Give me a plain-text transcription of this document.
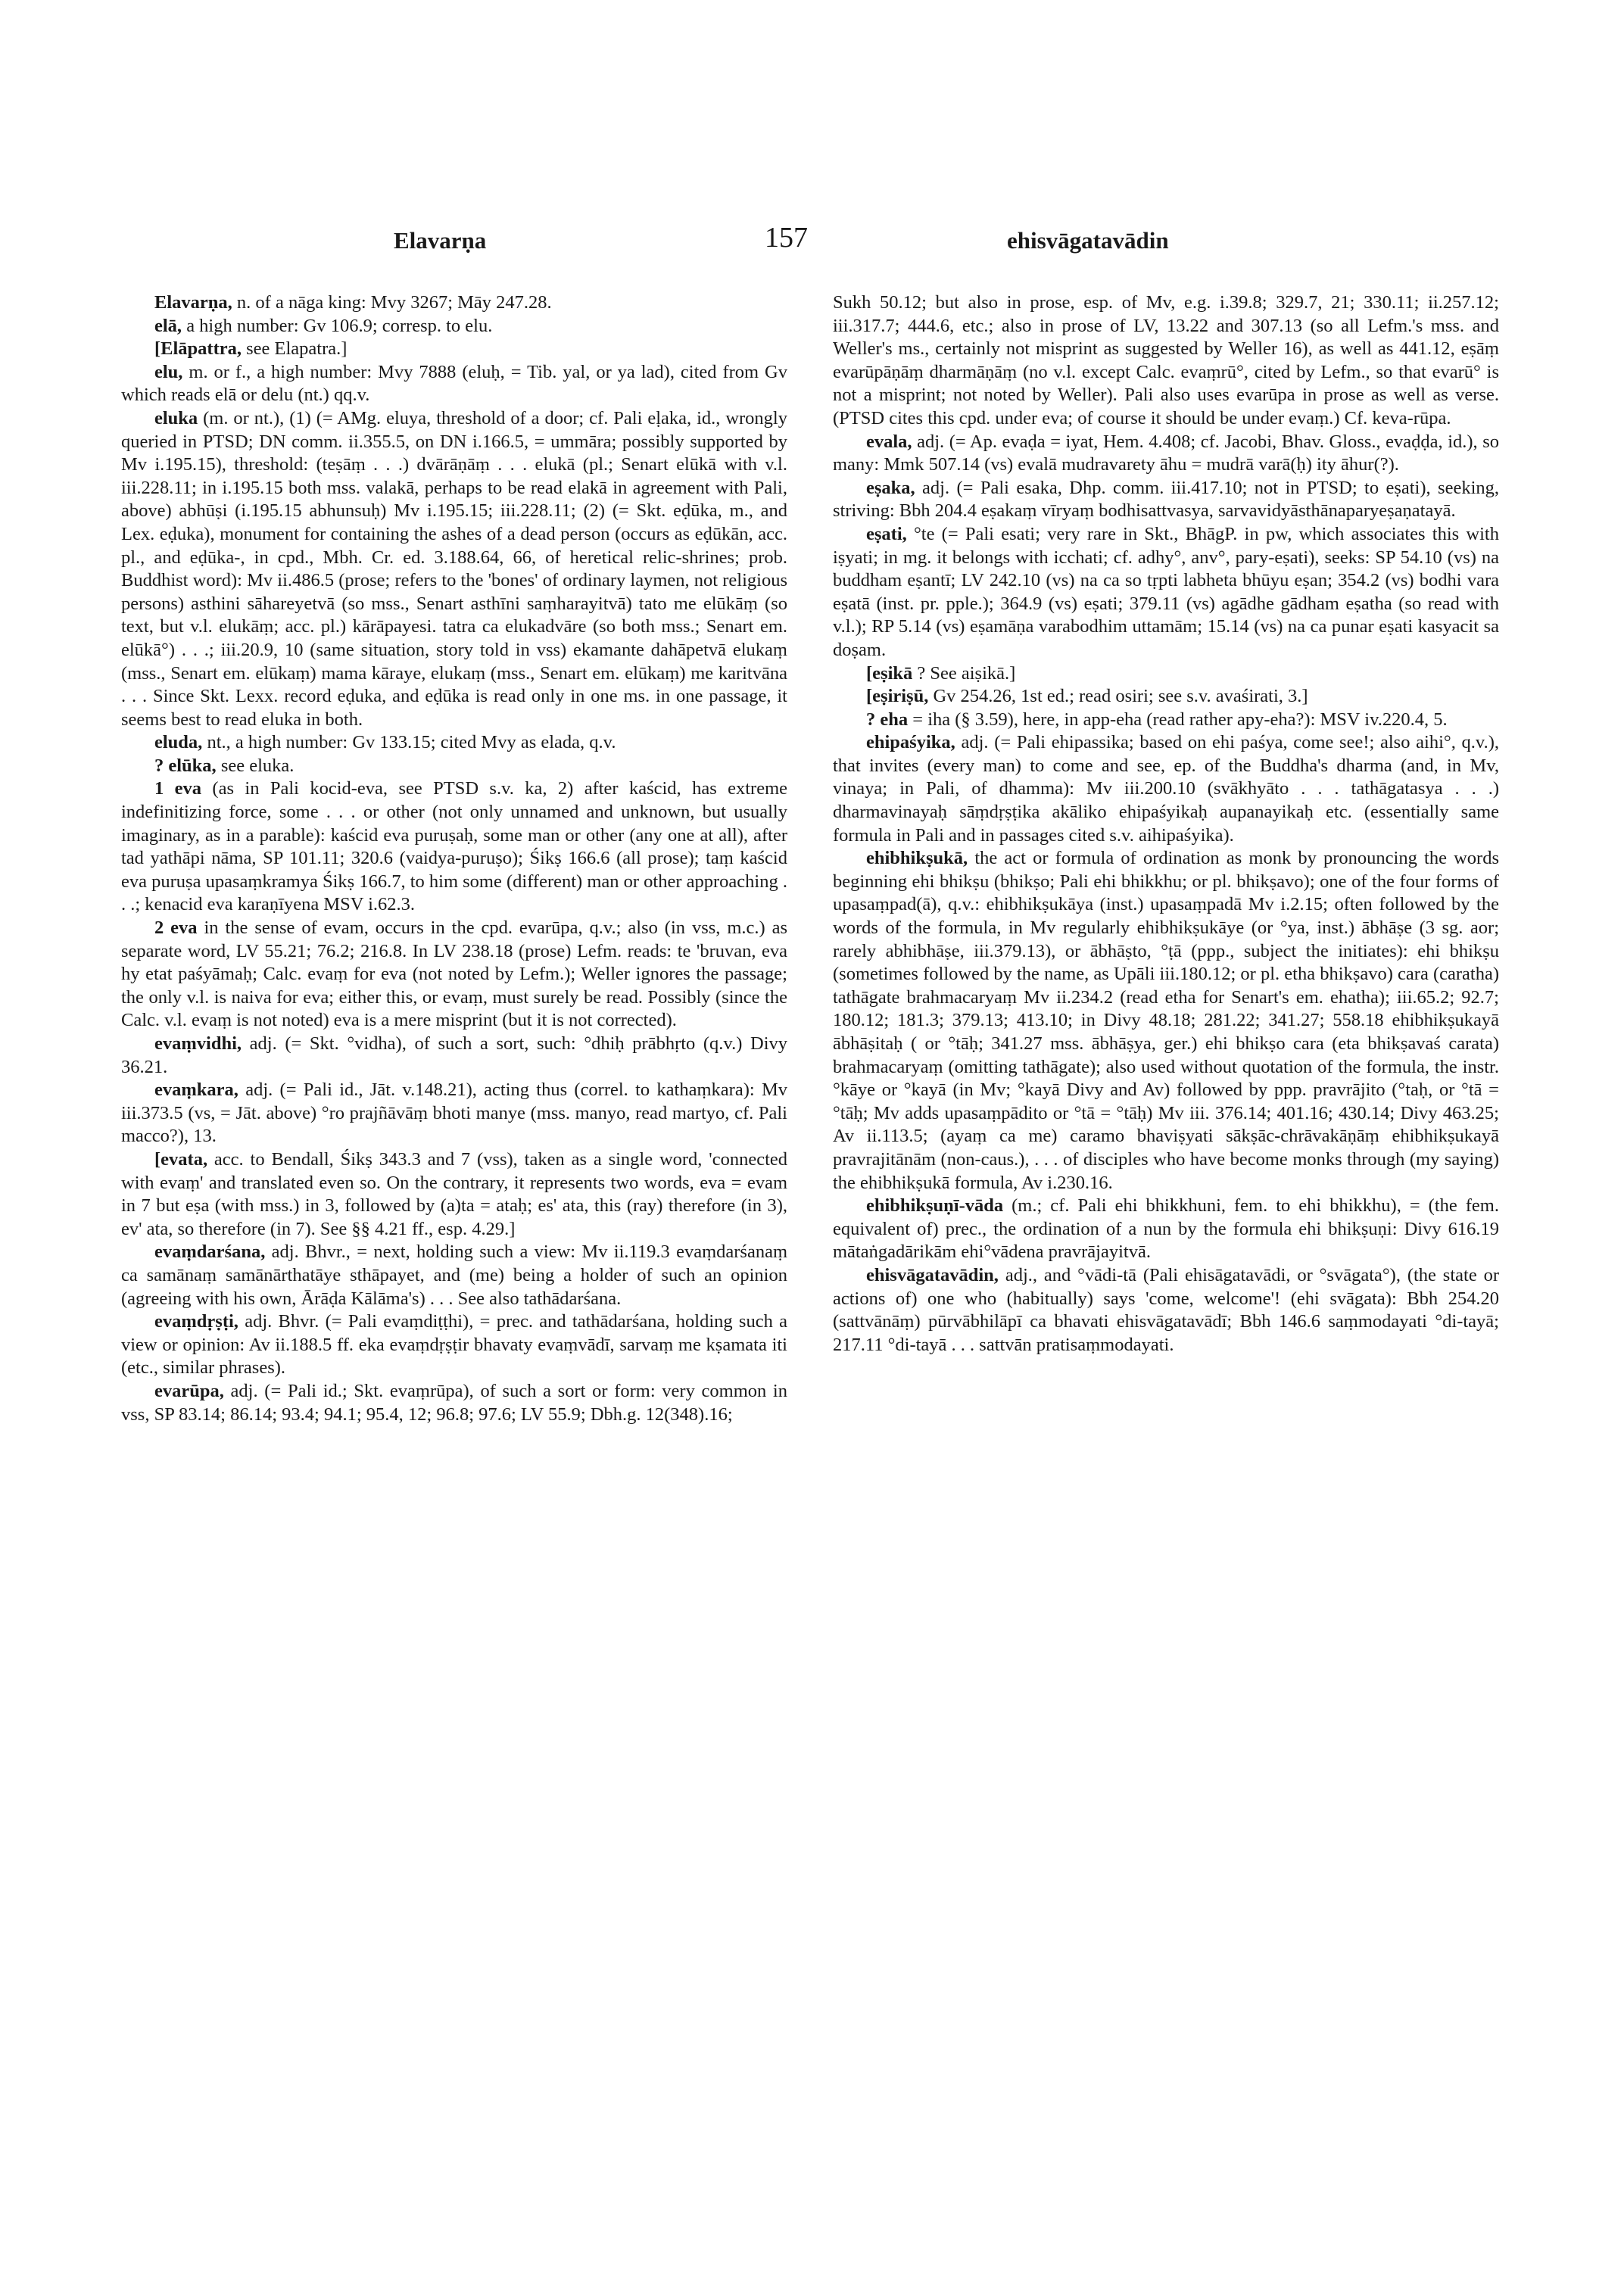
Elavarṇa	157	ehisvāgatavādin

Elavarṇa, n. of a nāga king: Mvy 3267; Māy 247.28.

elā, a high number: Gv 106.9; corresp. to elu.

[Elāpattra, see Elapatra.]

elu, m. or f., a high number: Mvy 7888 (eluḥ, = Tib. yal, or ya lad), cited from Gv which reads elā or delu (nt.) qq.v.

eluka (m. or nt.), (1) (= AMg. eluya, threshold of a door; cf. Pali eḷaka, id., wrongly queried in PTSD; DN comm. ii.355.5, on DN i.166.5, = ummāra; possibly supported by Mv i.195.15), threshold: (teṣāṃ . . .) dvārāṇāṃ . . . elukā (pl.; Senart elūkā with v.l. iii.228.11; in i.195.15 both mss. valakā, perhaps to be read elakā in agreement with Pali, above) abhūṣi (i.195.15 abhunsuḥ) Mv i.195.15; iii.228.11; (2) (= Skt. eḍūka, m., and Lex. eḍuka), monument for containing the ashes of a dead person (occurs as eḍūkān, acc. pl., and eḍūka-, in cpd., Mbh. Cr. ed. 3.188.64, 66, of heretical relic-shrines; prob. Buddhist word): Mv ii.486.5 (prose; refers to the 'bones' of ordinary laymen, not religious persons) asthini sāhareyetvā (so mss., Senart asthīni saṃharayitvā) tato me elūkāṃ (so text, but v.l. elukāṃ; acc. pl.) kārāpayesi. tatra ca elukadvāre (so both mss.; Senart em. elūkā°) . . .; iii.20.9, 10 (same situation, story told in vss) ekamante dahāpetvā elukaṃ (mss., Senart em. elūkaṃ) mama kāraye, elukaṃ (mss., Senart em. elūkaṃ) me karitvāna . . . Since Skt. Lexx. record eḍuka, and eḍūka is read only in one ms. in one passage, it seems best to read eluka in both.

eluda, nt., a high number: Gv 133.15; cited Mvy as elada, q.v.

? elūka, see eluka.

1 eva (as in Pali kocid-eva, see PTSD s.v. ka, 2) after kaścid, has extreme indefinitizing force, some . . . or other (not only unnamed and unknown, but usually imaginary, as in a parable): kaścid eva puruṣaḥ, some man or other (any one at all), after tad yathāpi nāma, SP 101.11; 320.6 (vaidya-puruṣo); Śikṣ 166.6 (all prose); taṃ kaścid eva puruṣa upasaṃkramya Śikṣ 166.7, to him some (different) man or other approaching . . .; kenacid eva karaṇīyena MSV i.62.3.

2 eva in the sense of evam, occurs in the cpd. evarūpa, q.v.; also (in vss, m.c.) as separate word, LV 55.21; 76.2; 216.8. In LV 238.18 (prose) Lefm. reads: te 'bruvan, eva hy etat paśyāmaḥ; Calc. evaṃ for eva (not noted by Lefm.); Weller ignores the passage; the only v.l. is naiva for eva; either this, or evaṃ, must surely be read. Possibly (since the Calc. v.l. evaṃ is not noted) eva is a mere misprint (but it is not corrected).

evaṃvidhi, adj. (= Skt. °vidha), of such a sort, such: °dhiḥ prābhṛto (q.v.) Divy 36.21.

evaṃkara, adj. (= Pali id., Jāt. v.148.21), acting thus (correl. to kathaṃkara): Mv iii.373.5 (vs, = Jāt. above) °ro prajñāvāṃ bhoti manye (mss. manyo, read martyo, cf. Pali macco?), 13.

[evata, acc. to Bendall, Śikṣ 343.3 and 7 (vss), taken as a single word, 'connected with evaṃ' and translated even so. On the contrary, it represents two words, eva = evam in 7 but eṣa (with mss.) in 3, followed by (a)ta = ataḥ; es' ata, this (ray) therefore (in 3), ev' ata, so therefore (in 7). See §§ 4.21 ff., esp. 4.29.]

evaṃdarśana, adj. Bhvr., = next, holding such a view: Mv ii.119.3 evaṃdarśanaṃ ca samānaṃ samānārthatāye sthāpayet, and (me) being a holder of such an opinion (agreeing with his own, Ārāḍa Kālāma's) . . . See also tathādarśana.

evaṃdṛṣṭi, adj. Bhvr. (= Pali evaṃdiṭṭhi), = prec. and tathādarśana, holding such a view or opinion: Av ii.188.5 ff. eka evaṃdṛṣṭir bhavaty evaṃvādī, sarvaṃ me kṣamata iti (etc., similar phrases).

evarūpa, adj. (= Pali id.; Skt. evaṃrūpa), of such a sort or form: very common in vss, SP 83.14; 86.14; 93.4; 94.1; 95.4, 12; 96.8; 97.6; LV 55.9; Dbh.g. 12(348).16;

Sukh 50.12; but also in prose, esp. of Mv, e.g. i.39.8; 329.7, 21; 330.11; ii.257.12; iii.317.7; 444.6, etc.; also in prose of LV, 13.22 and 307.13 (so all Lefm.'s mss. and Weller's ms., certainly not misprint as suggested by Weller 16), as well as 441.12, eṣāṃ evarūpāṇāṃ dharmāṇāṃ (no v.l. except Calc. evaṃrū°, cited by Lefm., so that evarū° is not a misprint; not noted by Weller). Pali also uses evarūpa in prose as well as verse. (PTSD cites this cpd. under eva; of course it should be under evaṃ.) Cf. keva-rūpa.

evala, adj. (= Ap. evaḍa = iyat, Hem. 4.408; cf. Jacobi, Bhav. Gloss., evaḍḍa, id.), so many: Mmk 507.14 (vs) evalā mudravarety āhu = mudrā varā(ḥ) ity āhur(?).

eṣaka, adj. (= Pali esaka, Dhp. comm. iii.417.10; not in PTSD; to eṣati), seeking, striving: Bbh 204.4 eṣakaṃ vīryaṃ bodhisattvasya, sarvavidyāsthānaparyeṣaṇatayā.

eṣati, °te (= Pali esati; very rare in Skt., BhāgP. in pw, which associates this with iṣyati; in mg. it belongs with icchati; cf. adhy°, anv°, pary-eṣati), seeks: SP 54.10 (vs) na buddham eṣantī; LV 242.10 (vs) na ca so tṛpti labheta bhūyu eṣan; 354.2 (vs) bodhi vara eṣatā (inst. pr. pple.); 364.9 (vs) eṣati; 379.11 (vs) agādhe gādham eṣatha (so read with v.l.); RP 5.14 (vs) eṣamāṇa varabodhim uttamām; 15.14 (vs) na ca punar eṣati kasyacit sa doṣam.

[eṣikā ? See aiṣikā.]

[eṣiriṣū, Gv 254.26, 1st ed.; read osiri; see s.v. avaśirati, 3.]

? eha = iha (§ 3.59), here, in app-eha (read rather apy-eha?): MSV iv.220.4, 5.

ehipaśyika, adj. (= Pali ehipassika; based on ehi paśya, come see!; also aihi°, q.v.), that invites (every man) to come and see, ep. of the Buddha's dharma (and, in Mv, vinaya; in Pali, of dhamma): Mv iii.200.10 (svākhyāto . . . tathāgatasya . . .) dharmavinayaḥ sāṃdṛṣṭika akāliko ehipaśyikaḥ aupanayikaḥ etc. (essentially same formula in Pali and in passages cited s.v. aihipaśyika).

ehibhikṣukā, the act or formula of ordination as monk by pronouncing the words beginning ehi bhikṣu (bhikṣo; Pali ehi bhikkhu; or pl. bhikṣavo); one of the four forms of upasaṃpad(ā), q.v.: ehibhikṣukāya (inst.) upasaṃpadā Mv i.2.15; often followed by the words of the formula, in Mv regularly ehibhikṣukāye (or °ya, inst.) ābhāṣe (3 sg. aor; rarely abhibhāṣe, iii.379.13), or ābhāṣto, °ṭā (ppp., subject the initiates): ehi bhikṣu (sometimes followed by the name, as Upāli iii.180.12; or pl. etha bhikṣavo) cara (caratha) tathāgate brahmacaryaṃ Mv ii.234.2 (read etha for Senart's em. ehatha); iii.65.2; 92.7; 180.12; 181.3; 379.13; 413.10; in Divy 48.18; 281.22; 341.27; 558.18 ehibhikṣukayā ābhāṣitaḥ ( or °tāḥ; 341.27 mss. ābhāṣya, ger.) ehi bhikṣo cara (eta bhikṣavaś carata) brahmacaryaṃ (omitting tathāgate); also used without quotation of the formula, the instr. °kāye or °kayā (in Mv; °kayā Divy and Av) followed by ppp. pravrājito (°taḥ, or °tā = °tāḥ; Mv adds upasaṃpādito or °tā = °tāḥ) Mv iii. 376.14; 401.16; 430.14; Divy 463.25; Av ii.113.5; (ayaṃ ca me) caramo bhaviṣyati sākṣāc-chrāvakāṇāṃ ehibhikṣukayā pravrajitānām (non-caus.), . . . of disciples who have become monks through (my saying) the ehibhikṣukā formula, Av i.230.16.

ehibhikṣuṇī-vāda (m.; cf. Pali ehi bhikkhuni, fem. to ehi bhikkhu), = (the fem. equivalent of) prec., the ordination of a nun by the formula ehi bhikṣuṇi: Divy 616.19 mātaṅgadārikām ehi°vādena pravrājayitvā.

ehisvāgatavādin, adj., and °vādi-tā (Pali ehisāgatavādi, or °svāgata°), (the state or actions of) one who (habitually) says 'come, welcome'! (ehi svāgata): Bbh 254.20 (sattvānāṃ) pūrvābhilāpī ca bhavati ehisvāgatavādī; Bbh 146.6 saṃmodayati °di-tayā; 217.11 °di-tayā . . . sattvān pratisaṃmodayati.
